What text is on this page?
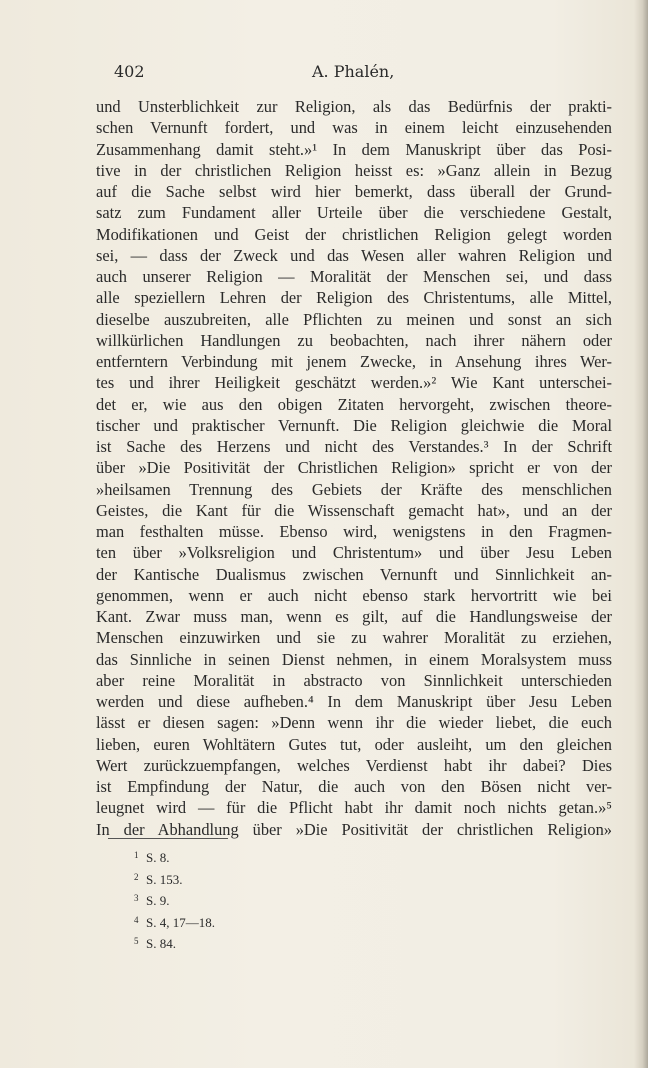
402	A. Phalén,
und Unsterblichkeit zur Religion, als das Bedürfnis der prakti-
schen Vernunft fordert, und was in einem leicht einzusehenden
Zusammenhang damit steht.»¹ In dem Manuskript über das Posi-
tive in der christlichen Religion heisst es: »Ganz allein in Bezug
auf die Sache selbst wird hier bemerkt, dass überall der Grund-
satz zum Fundament aller Urteile über die verschiedene Gestalt,
Modifikationen und Geist der christlichen Religion gelegt worden
sei, — dass der Zweck und das Wesen aller wahren Religion und
auch unserer Religion — Moralität der Menschen sei, und dass
alle speziellern Lehren der Religion des Christentums, alle Mittel,
dieselbe auszubreiten, alle Pflichten zu meinen und sonst an sich
willkürlichen Handlungen zu beobachten, nach ihrer nähern oder
entferntern Verbindung mit jenem Zwecke, in Ansehung ihres Wer-
tes und ihrer Heiligkeit geschätzt werden.»² Wie Kant unterschei-
det er, wie aus den obigen Zitaten hervorgeht, zwischen theore-
tischer und praktischer Vernunft. Die Religion gleichwie die Moral
ist Sache des Herzens und nicht des Verstandes.³ In der Schrift
über »Die Positivität der Christlichen Religion» spricht er von der
»heilsamen Trennung des Gebiets der Kräfte des menschlichen
Geistes, die Kant für die Wissenschaft gemacht hat», und an der
man festhalten müsse. Ebenso wird, wenigstens in den Fragmen-
ten über »Volksreligion und Christentum» und über Jesu Leben
der Kantische Dualismus zwischen Vernunft und Sinnlichkeit an-
genommen, wenn er auch nicht ebenso stark hervortritt wie bei
Kant. Zwar muss man, wenn es gilt, auf die Handlungsweise der
Menschen einzuwirken und sie zu wahrer Moralität zu erziehen,
das Sinnliche in seinen Dienst nehmen, in einem Moralsystem muss
aber reine Moralität in abstracto von Sinnlichkeit unterschieden
werden und diese aufheben.⁴ In dem Manuskript über Jesu Leben
lässt er diesen sagen: »Denn wenn ihr die wieder liebet, die euch
lieben, euren Wohltätern Gutes tut, oder ausleiht, um den gleichen
Wert zurückzuempfangen, welches Verdienst habt ihr dabei? Dies
ist Empfindung der Natur, die auch von den Bösen nicht ver-
leugnet wird — für die Pflicht habt ihr damit noch nichts getan.»⁵
In der Abhandlung über »Die Positivität der christlichen Religion»
1 S. 8.
2 S. 153.
3 S. 9.
4 S. 4, 17—18.
5 S. 84.
